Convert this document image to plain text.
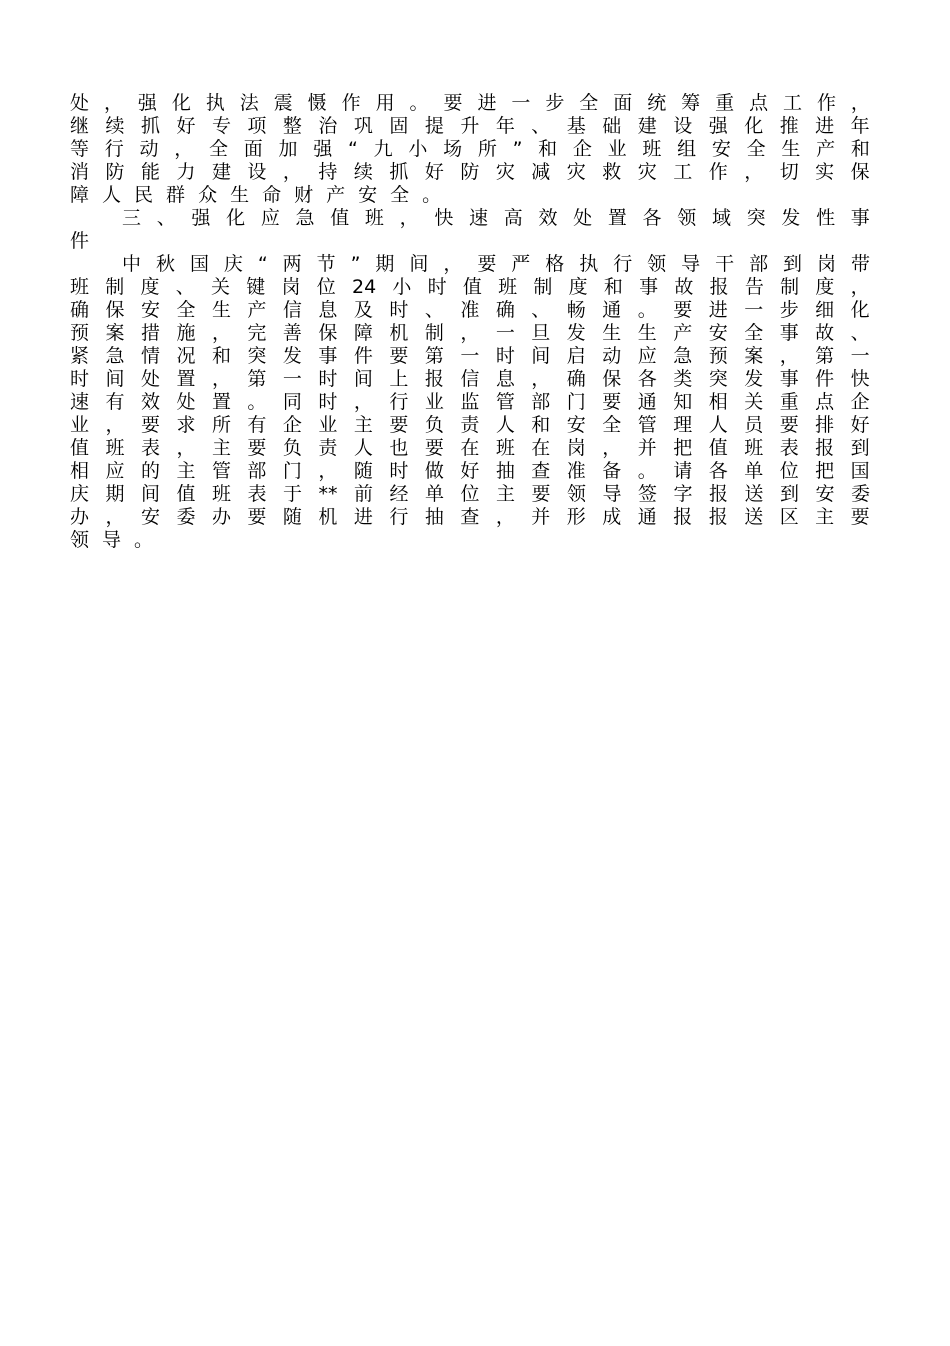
处 ， 强 化 执 法 震 慑 作 用 。 要 进 一 步 全 面 统 筹 重 点 工 作 ，
继 续 抓 好 专 项 整 治 巩 固 提 升 年 、 基 础 建 设 强 化 推 进 年
等 行 动 ， 全 面 加 强 “ 九 小 场 所 ” 和 企 业 班 组 安 全 生 产 和
消 防 能 力 建 设 ， 持 续 抓 好 防 灾 减 灾 救 灾 工 作 ， 切 实 保
障 人 民 群 众 生 命 财 产 安 全 。
三 、 强 化 应 急 值 班 ， 快 速 高 效 处 置 各 领 域 突 发 性 事
件
中 秋 国 庆 “ 两 节 ” 期 间 ， 要 严 格 执 行 领 导 干 部 到 岗 带
班 制 度 、 关 键 岗 位 24 小 时 值 班 制 度 和 事 故 报 告 制 度 ，
确 保 安 全 生 产 信 息 及 时 、 准 确 、 畅 通 。 要 进 一 步 细 化
预 案 措 施 ， 完 善 保 障 机 制 ， 一 旦 发 生 生 产 安 全 事 故 、
紧 急 情 况 和 突 发 事 件 要 第 一 时 间 启 动 应 急 预 案 ， 第 一
时 间 处 置 ， 第 一 时 间 上 报 信 息 ， 确 保 各 类 突 发 事 件 快
速 有 效 处 置 。 同 时 ， 行 业 监 管 部 门 要 通 知 相 关 重 点 企
业 ， 要 求 所 有 企 业 主 要 负 责 人 和 安 全 管 理 人 员 要 排 好
值 班 表 ， 主 要 负 责 人 也 要 在 班 在 岗 ， 并 把 值 班 表 报 到
相 应 的 主 管 部 门 ， 随 时 做 好 抽 查 准 备 。 请 各 单 位 把 国
庆 期 间 值 班 表 于 ** 前 经 单 位 主 要 领 导 签 字 报 送 到 安 委
办 ， 安 委 办 要 随 机 进 行 抽 查 ， 并 形 成 通 报 报 送 区 主 要
领 导 。
